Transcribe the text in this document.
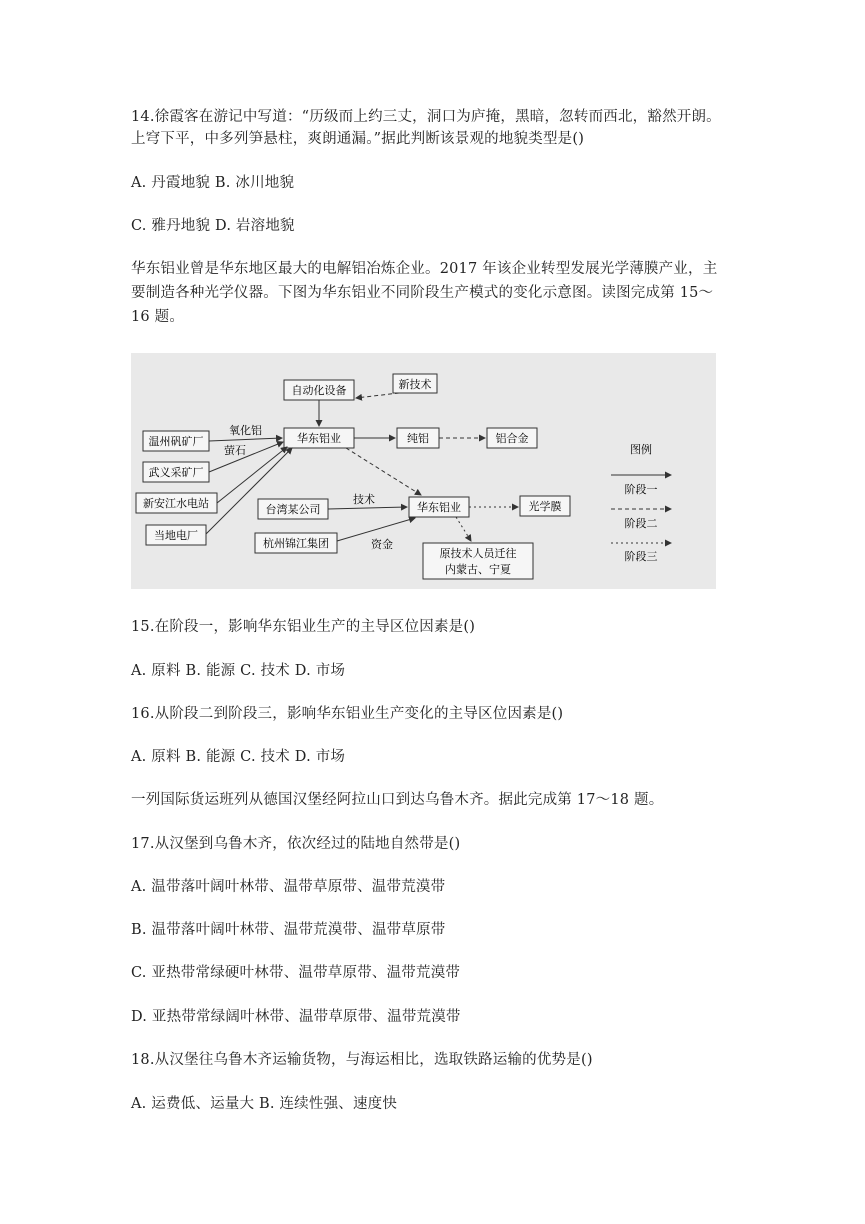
14.徐霞客在游记中写道：“历级而上约三丈，洞口为庐掩，黑暗，忽转而西北，豁然开朗。
上穹下平，中多列笋悬柱，爽朗通漏。”据此判断该景观的地貌类型是()
A. 丹霞地貌 B. 冰川地貌
C. 雅丹地貌 D. 岩溶地貌
华东铝业曾是华东地区最大的电解铝冶炼企业。2017 年该企业转型发展光学薄膜产业，主
要制造各种光学仪器。下图为华东铝业不同阶段生产模式的变化示意图。读图完成第 15～
16 题。
自动化设备	新技术
温州矾矿厂
武义采矿厂
新安江水电站
当地电厂
华东铝业	纯铝	铝合金
台湾某公司
杭州锦江集团
华东铝业	光学膜
原技术人员迁往
内蒙古、宁夏
氧化铝
萤石
技术
资金
图例
阶段一
阶段二
阶段三
15.在阶段一，影响华东铝业生产的主导区位因素是()
A. 原料 B. 能源 C. 技术 D. 市场
16.从阶段二到阶段三，影响华东铝业生产变化的主导区位因素是()
A. 原料 B. 能源 C. 技术 D. 市场
一列国际货运班列从德国汉堡经阿拉山口到达乌鲁木齐。据此完成第 17～18 题。
17.从汉堡到乌鲁木齐，依次经过的陆地自然带是()
A. 温带落叶阔叶林带、温带草原带、温带荒漠带
B. 温带落叶阔叶林带、温带荒漠带、温带草原带
C. 亚热带常绿硬叶林带、温带草原带、温带荒漠带
D. 亚热带常绿阔叶林带、温带草原带、温带荒漠带
18.从汉堡往乌鲁木齐运输货物，与海运相比，选取铁路运输的优势是()
A. 运费低、运量大 B. 连续性强、速度快
